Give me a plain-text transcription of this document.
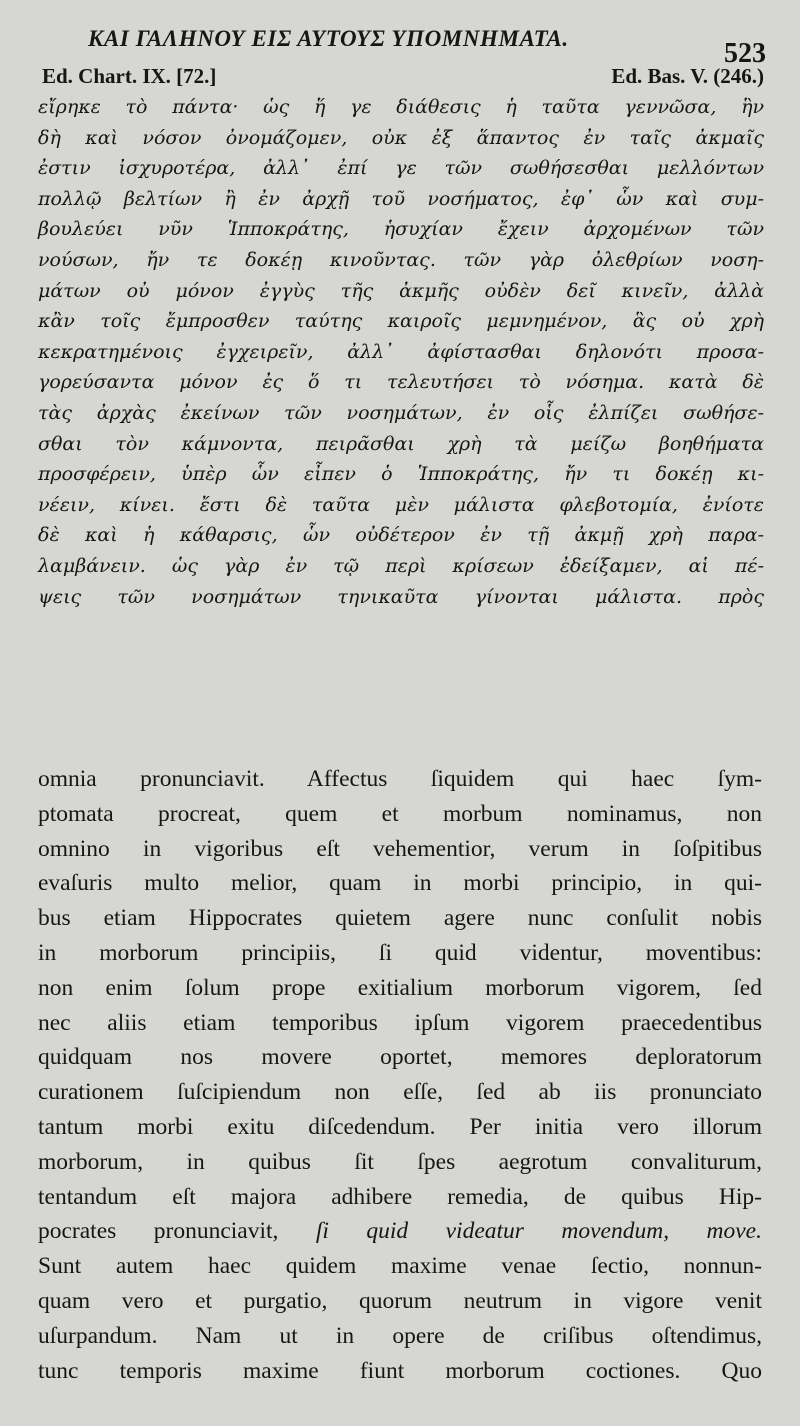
ΚΑΙ ΓΑΛΗΝΟΥ ΕΙΣ ΑΥΤΟΥΣ ΥΠΟΜΝΗΜΑΤΑ.	523
Ed. Chart. IX. [72.]	Ed. Bas. V. (246.)
εἴρηκε τὸ πάντα· ὡς ἥ γε διάθεσις ἡ ταῦτα γεννῶσα, ἣν
δὴ καὶ νόσον ὀνομάζομεν, οὐκ ἐξ ἅπαντος ἐν ταῖς ἀκμαῖς
ἐστιν ἰσχυροτέρα, ἀλλ᾽ ἐπί γε τῶν σωθήσεσθαι μελλόντων
πολλῷ βελτίων ἢ ἐν ἀρχῇ τοῦ νοσήματος, ἐφ᾽ ὧν καὶ συμ-
βουλεύει νῦν Ἱπποκράτης, ἡσυχίαν ἔχειν ἀρχομένων τῶν
νούσων, ἤν τε δοκέῃ κινοῦντας. τῶν γὰρ ὀλεθρίων νοση-
μάτων οὐ μόνον ἐγγὺς τῆς ἀκμῆς οὐδὲν δεῖ κινεῖν, ἀλλὰ
κἂν τοῖς ἔμπροσθεν ταύτης καιροῖς μεμνημένον, ἃς οὐ χρὴ
κεκρατημένοις ἐγχειρεῖν, ἀλλ᾽ ἀφίστασθαι δηλονότι προσα-
γορεύσαντα μόνον ἐς ὅ τι τελευτήσει τὸ νόσημα. κατὰ δὲ
τὰς ἀρχὰς ἐκείνων τῶν νοσημάτων, ἐν οἷς ἐλπίζει σωθήσε-
σθαι τὸν κάμνοντα, πειρᾶσθαι χρὴ τὰ μείζω βοηθήματα
προσφέρειν, ὑπὲρ ὧν εἶπεν ὁ Ἱπποκράτης, ἤν τι δοκέῃ κι-
νέειν, κίνει. ἔστι δὲ ταῦτα μὲν μάλιστα φλεβοτομία, ἐνίοτε
δὲ καὶ ἡ κάθαρσις, ὧν οὐδέτερον ἐν τῇ ἀκμῇ χρὴ παρα-
λαμβάνειν. ὡς γὰρ ἐν τῷ περὶ κρίσεων ἐδείξαμεν, αἱ πέ-
ψεις τῶν νοσημάτων τηνικαῦτα γίνονται μάλιστα. πρὸς
omnia pronunciavit. Affectus ſiquidem qui haec ſym-
ptomata procreat, quem et morbum nominamus, non
omnino in vigoribus eſt vehementior, verum in ſoſpitibus
evaſuris multo melior, quam in morbi principio, in qui-
bus etiam Hippocrates quietem agere nunc conſulit nobis
in morborum principiis, ſi quid videntur, moventibus:
non enim ſolum prope exitialium morborum vigorem, ſed
nec aliis etiam temporibus ipſum vigorem praecedentibus
quidquam nos movere oportet, memores deploratorum
curationem ſuſcipiendum non eſſe, ſed ab iis pronunciato
tantum morbi exitu diſcedendum. Per initia vero illorum
morborum, in quibus ſit ſpes aegrotum convaliturum,
tentandum eſt majora adhibere remedia, de quibus Hip-
pocrates pronunciavit, ſi quid videatur movendum, move.
Sunt autem haec quidem maxime venae ſectio, nonnun-
quam vero et purgatio, quorum neutrum in vigore venit
uſurpandum. Nam ut in opere de criſibus oſtendimus,
tunc temporis maxime fiunt morborum coctiones. Quo
